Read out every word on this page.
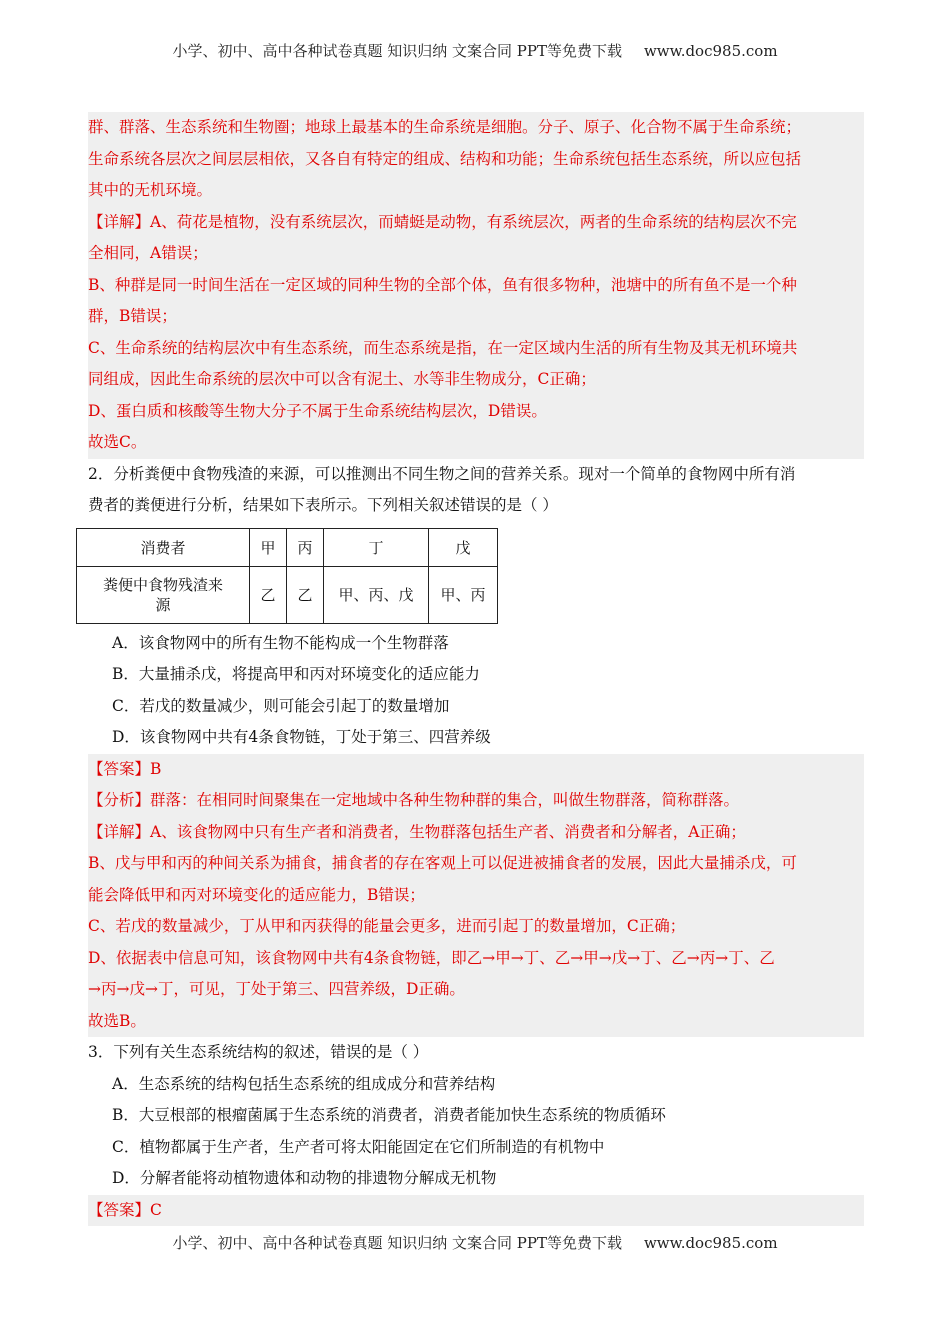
小学、初中、高中各种试卷真题 知识归纳 文案合同 PPT等免费下载 www.doc985.com
群、群落、生态系统和生物圈；地球上最基本的生命系统是细胞。分子、原子、化合物不属于生命系统；
生命系统各层次之间层层相依，又各自有特定的组成、结构和功能；生命系统包括生态系统，所以应包括
其中的无机环境。
【详解】A、荷花是植物，没有系统层次，而蜻蜓是动物，有系统层次，两者的生命系统的结构层次不完
全相同，A错误；
B、种群是同一时间生活在一定区域的同种生物的全部个体，鱼有很多物种，池塘中的所有鱼不是一个种
群，B错误；
C、生命系统的结构层次中有生态系统，而生态系统是指，在一定区域内生活的所有生物及其无机环境共
同组成，因此生命系统的层次中可以含有泥土、水等非生物成分，C正确；
D、蛋白质和核酸等生物大分子不属于生命系统结构层次，D错误。
故选C。
2．分析粪便中食物残渣的来源，可以推测出不同生物之间的营养关系。现对一个简单的食物网中所有消
费者的粪便进行分析，结果如下表所示。下列相关叙述错误的是（ ）
消费者	甲	丙	丁	戊

粪便中食物残渣来
源	乙	乙	甲、丙、戊	甲、丙
A．该食物网中的所有生物不能构成一个生物群落
B．大量捕杀戊，将提高甲和丙对环境变化的适应能力
C．若戊的数量减少，则可能会引起丁的数量增加
D．该食物网中共有4条食物链，丁处于第三、四营养级
【答案】B
【分析】群落：在相同时间聚集在一定地域中各种生物种群的集合，叫做生物群落，简称群落。
【详解】A、该食物网中只有生产者和消费者，生物群落包括生产者、消费者和分解者，A正确；
B、戊与甲和丙的种间关系为捕食，捕食者的存在客观上可以促进被捕食者的发展，因此大量捕杀戊，可
能会降低甲和丙对环境变化的适应能力，B错误；
C、若戊的数量减少，丁从甲和丙获得的能量会更多，进而引起丁的数量增加，C正确；
D、依据表中信息可知，该食物网中共有4条食物链，即乙→甲→丁、乙→甲→戊→丁、乙→丙→丁、乙
→丙→戊→丁，可见，丁处于第三、四营养级，D正确。
故选B。
3．下列有关生态系统结构的叙述，错误的是（ ）
A．生态系统的结构包括生态系统的组成成分和营养结构
B．大豆根部的根瘤菌属于生态系统的消费者，消费者能加快生态系统的物质循环
C．植物都属于生产者，生产者可将太阳能固定在它们所制造的有机物中
D．分解者能将动植物遗体和动物的排遗物分解成无机物
【答案】C
小学、初中、高中各种试卷真题 知识归纳 文案合同 PPT等免费下载 www.doc985.com
